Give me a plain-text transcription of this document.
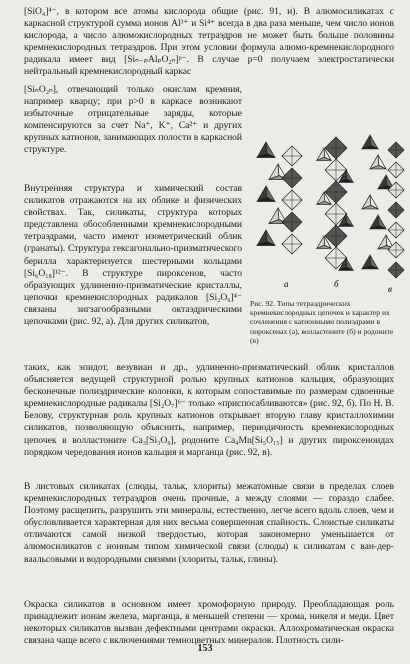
[SiO₄]⁴⁻, в котором все атомы кислорода общие (рис. 91, и). В алюмосиликатах с каркасной структурой сумма ионов Al³⁺ и Si⁴⁺ всегда в два раза меньше, чем число ионов кислорода, а число алюмокислородных тетраэдров не может быть больше половины кремнекислородных тетраэдров. При этом условии формула алюмо-кремнекислородного радикала имеет вид [Siₙ₋ₚAlₚO₂ₙ]ᵖ⁻. В случае p=0 получаем электростатически нейтральный кремнекислородный каркас

[SiₙO₂ₙ], отвечающий только окислам кремния, например кварцу; при p>0 в каркасе возникают избыточные отрицательные заряды, которые компенсируются за счет Na⁺, K⁺, Ca²⁺ и других крупных катионов, занимающих полости в каркасной структуре.

Внутренняя структура и химический состав силикатов отражаются на их облике и физических свойствах. Так, силикаты, структура которых представлена обособленными кремнекислородными тетраэдрами, часто имеют изометрический облик (гранаты). Структура гексагонально-призматического берилла характеризуется шестерными кольцами [Si₆O₁₈]¹²⁻. В структуре пироксенов, часто образующих удлиненно-призматические кристаллы, цепочки кремнекислородных радикалов [Si₂O₆]⁴⁻ связаны зигзагообразными октаэдрическими цепочками (рис. 92, а). Для других силикатов,

а	б	в
Рис. 92. Типы тетраэдрических кремнекислородных цепочек и характер их сочленения с катионными полиэдрами в пироксенах (а), волластоните (б) и родоните (в)

таких, как эпидот, везувиан и др., удлиненно-призматический облик кристаллов объясняется ведущей структурной ролью крупных катионов кальция, образующих бесконечные полиэдрические колонки, к которым сопоставимые по размерам сдвоенные кремнекислородные радикалы [Si₂O₇]⁶⁻ только «приспосабливаются» (рис. 92, б). По Н. В. Белову, структурная роль крупных катионов открывает вторую главу кристаллохимии силикатов, позволяющую объяснить, например, периодичность кремнекислородных цепочек в волластоните Ca₃[Si₃O₉], родоните Ca₄Mn[Si₅O₁₅] и других пироксеноидах порядком чередования ионов кальция и марганца (рис. 92, в).

В листовых силикатах (слюды, тальк, хлориты) межатомные связи в пределах слоев кремнекислородных тетраэдров очень прочные, а между слоями — гораздо слабее. Поэтому расщепить, разрушить эти минералы, естественно, легче всего вдоль слоев, чем и обусловливается характерная для них весьма совершенная спайность. Слоистые силикаты отличаются самой низкой твердостью, которая закономерно уменьшается от алюмосиликатов с ионным типом химической связи (слюды) к силикатам с ван-дер-ваальсовыми и водородными связями (хлориты, тальк, глины).

Окраска силикатов в основном имеет хромофорную природу. Преобладающая роль принадлежит ионам железа, марганца, в меньшей степени — хрома, никеля и меди. Цвет некоторых силикатов вызван дефектными центрами окраски. Аллохроматическая окраска связана чаще всего с включениями темноцветных минералов. Плотность сили-

153
